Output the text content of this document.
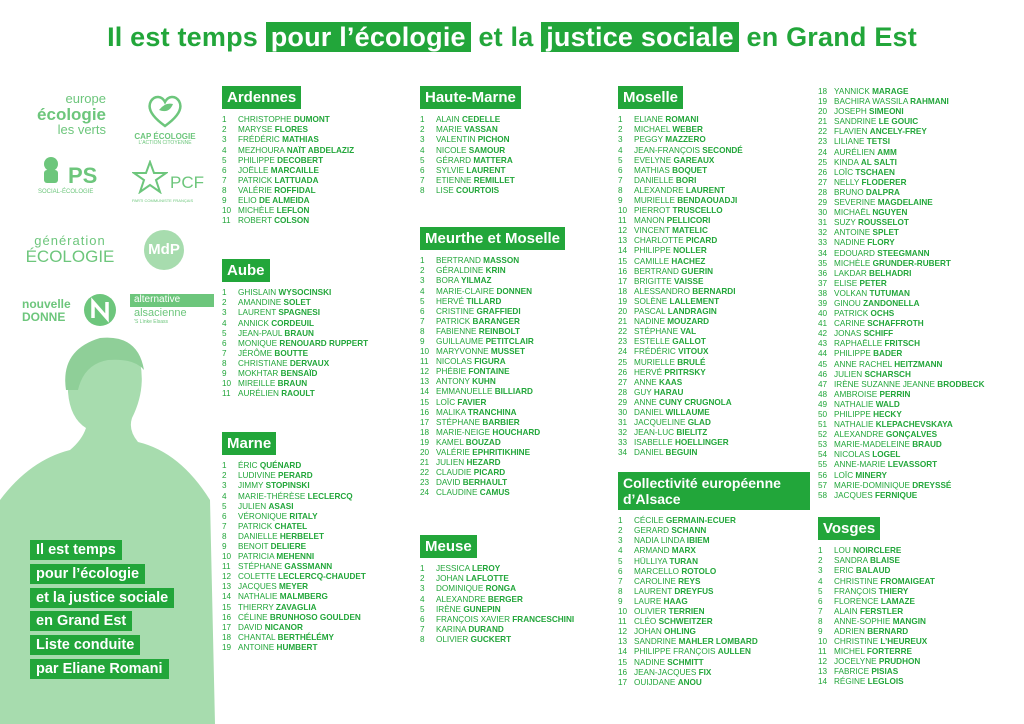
Il est temps pour l’écologie et la justice sociale en Grand Est
europe
écologie
les verts	CAP ÉCOLOGIE
L'ACTION CITOYENNE
PS
SOCIAL-ÉCOLOGIE	PCF
PARTI COMMUNISTE FRANÇAIS
génération
ÉCOLOGIE MdP
nouvelle
DONNE
alternative
alsacienne
'S Lìnke Elsass
Il est temps
pour l’écologie
et la justice sociale
en Grand Est
Liste conduite
par Eliane Romani
Ardennes
1	CHRISTOPHE DUMONT
2	MARYSE FLORES
3	FRÉDÉRIC MATHIAS
4	MEZHOURA NAÏT ABDELAZIZ
5	PHILIPPE DECOBERT
6	JOËLLE MARCAILLE
7	PATRICK LATTUADA
8	VALÉRIE ROFFIDAL
9	ELIO DE ALMEIDA
10 MICHÈLE LEFLON
11 ROBERT COLSON
Aube
1	GHISLAIN WYSOCINSKI
2	AMANDINE SOLET
3	LAURENT SPAGNESI
4	ANNICK CORDEUIL
5	JEAN-PAUL BRAUN
6	MONIQUE RENOUARD RUPPERT
7	JÉRÔME BOUTTE
8	CHRISTIANE DERVAUX
9	MOKHTAR BENSAÏD
10 MIREILLE BRAUN
11 AURÉLIEN RAOULT
Marne
1	ÉRIC QUÉNARD
2	LUDIVINE PERARD
3	JIMMY STOPINSKI
4	MARIE-THÉRÈSE LECLERCQ
5	JULIEN ASASI
6	VÉRONIQUE RITALY
7	PATRICK CHATEL
8	DANIELLE HERBELET
9	BENOIT DELIERE
10 PATRICIA MEHENNI
11 STÉPHANE GASSMANN
12 COLETTE LECLERCQ-CHAUDET
13 JACQUES MEYER
14 NATHALIE MALMBERG
15 THIERRY ZAVAGLIA
16 CÉLINE BRUNHOSO GOULDEN
17 DAVID NICANOR
18 CHANTAL BERTHÉLÉMY
19 ANTOINE HUMBERT
Haute-Marne
1	ALAIN CEDELLE
2	MARIE VASSAN
3	VALENTIN PICHON
4	NICOLE SAMOUR
5	GÉRARD MATTERA
6	SYLVIE LAURENT
7	ETIENNE REMILLET
8	LISE COURTOIS
Meurthe et Moselle
1	BERTRAND MASSON
2	GÉRALDINE KRIN
3	BORA YILMAZ
4	MARIE-CLAIRE DONNEN
5	HERVÉ TILLARD
6	CRISTINE GRAFFIEDI
7	PATRICK BARANGER
8	FABIENNE REINBOLT
9	GUILLAUME PETITCLAIR
10 MARYVONNE MUSSET
11 NICOLAS FIGURA
12 PHÉBIE FONTAINE
13 ANTONY KUHN
14 EMMANUELLE BILLIARD
15 LOÏC FAVIER
16 MALIKA TRANCHINA
17 STÉPHANE BARBIER
18 MARIE-NEIGE HOUCHARD
19 KAMEL BOUZAD
20 VALÉRIE EPHRITIKHINE
21 JULIEN HEZARD
22 CLAUDIE PICARD
23 DAVID BERHAULT
24 CLAUDINE CAMUS
Meuse
1	JESSICA LEROY
2	JOHAN LAFLOTTE
3	DOMINIQUE RONGA
4	ALEXANDRE BERGER
5	IRÈNE GUNEPIN
6	FRANÇOIS XAVIER FRANCESCHINI
7	KARINA DURAND
8	OLIVIER GUCKERT
Moselle
1	ELIANE ROMANI
2	MICHAEL WEBER
3	PEGGY MAZZERO
4	JEAN-FRANÇOIS SECONDÉ
5	EVELYNE GAREAUX
6	MATHIAS BOQUET
7	DANIELLE BORI
8	ALEXANDRE LAURENT
9	MURIELLE BENDAOUADJI
10 PIERROT TRUSCELLO
11 MANON PELLICORI
12 VINCENT MATELIC
13 CHARLOTTE PICARD
14 PHILIPPE NOLLER
15 CAMILLE HACHEZ
16 BERTRAND GUERIN
17 BRIGITTE VAISSE
18 ALESSANDRO BERNARDI
19 SOLÈNE LALLEMENT
20 PASCAL LANDRAGIN
21 NADINE MOUZARD
22 STÉPHANE VAL
23 ESTELLE GALLOT
24 FRÉDÉRIC VITOUX
25 MURIELLE BRULÉ
26 HERVÉ PRITRSKY
27 ANNE KAAS
28 GUY HARAU
29 ANNE CUNY CRUGNOLA
30 DANIEL WILLAUME
31 JACQUELINE GLAD
32 JEAN-LUC BIELITZ
33 ISABELLE HOELLINGER
34 DANIEL BEGUIN
Collectivité européenne d’Alsace
1	CÉCILE GERMAIN-ECUER
2	GERARD SCHANN
3	NADIA LINDA IBIEM
4	ARMAND MARX
5	HÜLLIYA TURAN
6	MARCELLO ROTOLO
7	CAROLINE REYS
8	LAURENT DREYFUS
9	LAURE HAAG
10 OLIVIER TERRIEN
11 CLÉO SCHWEITZER
12 JOHAN OHLING
13 SANDRINE MAHLER LOMBARD
14 PHILIPPE FRANÇOIS AULLEN
15 NADINE SCHMITT
16 JEAN-JACQUES FIX
17 OUIJDANE ANOU
18 YANNICK MARAGE
19 BACHIRA WASSILA RAHMANI
20 JOSEPH SIMEONI
21 SANDRINE LE GOUIC
22 FLAVIEN ANCELY-FREY
23 LILIANE TETSI
24 AURÉLIEN AMM
25 KINDA AL SALTI
26 LOÏC TSCHAEN
27 NELLY FLODERER
28 BRUNO DALPRA
29 SEVERINE MAGDELAINE
30 MICHAËL NGUYEN
31 SUZY ROUSSELOT
32 ANTOINE SPLET
33 NADINE FLORY
34 EDOUARD STEEGMANN
35 MICHÈLE GRUNDER-RUBERT
36 LAKDAR BELHADRI
37 ELISE PETER
38 VOLKAN TUTUMAN
39 GINOU ZANDONELLA
40 PATRICK OCHS
41 CARINE SCHAFFROTH
42 JONAS SCHIFF
43 RAPHAËLLE FRITSCH
44 PHILIPPE BADER
45 ANNE RACHEL HEITZMANN
46 JULIEN SCHARSCH
47 IRÈNE SUZANNE JEANNE BRODBECK
48 AMBROISE PERRIN
49 NATHALIE WALD
50 PHILIPPE HECKY
51 NATHALIE KLEPACHEVSKAYA
52 ALEXANDRE GONÇALVES
53 MARIE-MADELEINE BRAUD
54 NICOLAS LOGEL
55 ANNE-MARIE LEVASSORT
56 LOÏC MINERY
57 MARIE-DOMINIQUE DREYSSÉ
58 JACQUES FERNIQUE
Vosges
1	LOU NOIRCLERE
2	SANDRA BLAISE
3	ERIC BALAUD
4	CHRISTINE FROMAIGEAT
5	FRANÇOIS THIERY
6	FLORENCE LAMAZE
7	ALAIN FERSTLER
8	ANNE-SOPHIE MANGIN
9	ADRIEN BERNARD
10 CHRISTINE L’HEUREUX
11 MICHEL FORTERRE
12 JOCELYNE PRUDHON
13 FABRICE PISIAS
14 RÉGINE LEGLOIS
